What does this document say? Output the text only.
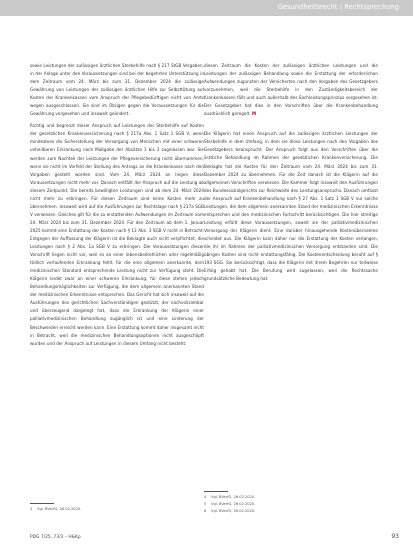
Gesundheitsrecht / Rechtsprechung

sowie Leistungen der zulässigen ärztlichen Sterbehilfe nach § 217 StGB Vergaben, in der Anlage unter den Voraussetzungen sind bei der begehrten Unterstützung in dem Zeitraum vom 24. März bis zum 31. Dezember 2024 die zulässige Gewährung von Leistungen der zulässigen ärztlichen Hilfe zur Selbsttötung auf Kosten der Krankenkassen vom Anspruch der Pflegebedürftigen nicht von Amts wegen ausgeschlossen. Sie sind im Übrigen gegen die Voraussetzungen für die Gewährung vorgesehen und insoweit geändert.

Richtig und begrenzt dieser Anspruch auf Leistungen der Sterbehilfe auf Kosten der gesetzlichen Krankenversicherung nach § 217a Abs. 1 Satz 1 SGB V, wenn mindestens die Sicherstellung der Versorgung von Menschen mit einer schweren unheilbaren Erkrankung nach Maßgabe der Absätze 1 bis 3 zugelassen war. Sie werden zum Nachteil der Leistungen der Pflegeversicherung nicht übernommen, wenn sie nicht im Vorfeld der Stellung des Antrags an die Krankenkasse nach den Vorgaben gestellt worden sind. Vom 24. März 2024 an liegen diese Voraussetzungen nicht mehr vor. Danach entfällt der Anspruch auf die Leistung ab diesem Zeitpunkt. Die bereits bewilligten Leistungen sind ab dem 24. März 2024 nicht mehr zu erbringen. Für diesen Zeitraum sind keine Kosten mehr zu übernehmen. Insoweit wird auf die Ausführungen zur Rechtslage nach § 217a SGB V verwiesen. Gleiches gilt für die zu erstattenden Aufwendungen im Zeitraum vom 24. März 2024 bis zum 31. Dezember 2024. Für den Zeitraum ab dem 1. Januar 2025 kommt eine Erstattung der Kosten nach § 13 Abs. 3 SGB V nicht in Betracht. Entgegen der Auffassung der Klägerin ist die Beklagte auch nicht verpflichtet, die Leistungen nach § 2 Abs. 1a SGB V zu erbringen. Die Voraussetzungen dieser Vorschrift liegen nicht vor, weil es an einer lebensbedrohlichen oder regelmäßig tödlich verlaufenden Erkrankung fehlt, für die eine allgemein anerkannte, dem medizinischen Standard entsprechende Leistung nicht zur Verfügung steht. Die Klägerin leidet zwar an einer schweren Erkrankung; für diese stehen jedoch Behandlungsmöglichkeiten zur Verfügung, die dem allgemein anerkannten Stand der medizinischen Erkenntnisse entsprechen. Das Gericht hat sich insoweit auf die Ausführungen des gerichtlichen Sachverständigen gestützt, der nachvollziehbar und überzeugend dargelegt hat, dass die Erkrankung der Klägerin einer palliativmedizinischen Behandlung zugänglich ist und eine Linderung der Beschwerden erreicht werden kann. Eine Erstattung kommt daher insgesamt nicht in Betracht, weil die medizinischen Behandlungsoptionen nicht ausgeschöpft wurden und der Anspruch auf Leistungen in diesem Umfang nicht besteht.

diesen Zeitraum die Kosten der zulässigen ärztlichen Leistungen und die Leistungen der zulässigen Behandlung sowie die Erstattung der erforderlichen Aufwendungen zugunsten der Versicherten nach den Vorgaben des Gesetzgebers vorzunehmen, weil die Sterbehilfe in den Zuständigkeitsbereich der Krankenkassen fällt und auch außerhalb des Sachleistungsprinzips vorgesehen ist. Der Gesetzgeber hat dies in den Vorschriften über die Krankenbehandlung ausdrücklich geregelt. M

Die Klägerin hat einen Anspruch auf die zulässigen ärztlichen Leistungen der Sterbehilfe in dem Umfang, in dem sie diese Leistungen nach den Vorgaben des Gesetzgebers beansprucht. Der Anspruch folgt aus den Vorschriften über die ärztliche Behandlung im Rahmen der gesetzlichen Krankenversicherung. Die Beklagte hat die Kosten für den Zeitraum vom 24. März 2024 bis zum 31. Dezember 2024 zu übernehmen. Für die Zeit danach ist die Klägerin auf die allgemeinen Vorschriften verwiesen. Die Kammer folgt insoweit den Ausführungen des Bundessozialgerichts zur Reichweite des Leistungsanspruchs. Danach umfasst der Anspruch auf Krankenbehandlung nach § 27 Abs. 1 Satz 1 SGB V nur solche Leistungen, die dem allgemein anerkannten Stand der medizinischen Erkenntnisse entsprechen und den medizinischen Fortschritt berücksichtigen. Die hier streitige Leistung erfüllt diese Voraussetzungen, soweit sie der palliativmedizinischen Versorgung der Klägerin dient. Eine darüber hinausgehende Kostenübernahme scheidet aus. Die Klägerin kann daher nur die Erstattung der Kosten verlangen, die ihr im Rahmen der palliativmedizinischen Versorgung entstanden sind. Die übrigen Kosten sind nicht erstattungsfähig. Die Kostenentscheidung beruht auf § 193 SGG. Sie berücksichtigt, dass die Klägerin mit ihrem Begehren nur teilweise Erfolg gehabt hat. Die Berufung wird zugelassen, weil die Rechtssache grundsätzliche Bedeutung hat.

3 Vgl. BVerfG, 26.02.2020.
4 Vgl. BVerfG, 26.02.2020.
5 Vgl. BVerfG, 26.02.2020.
6 Vgl. BVerfG, 26.02.2020.
PDG 7/25, 73/3 – H&Kp	93
